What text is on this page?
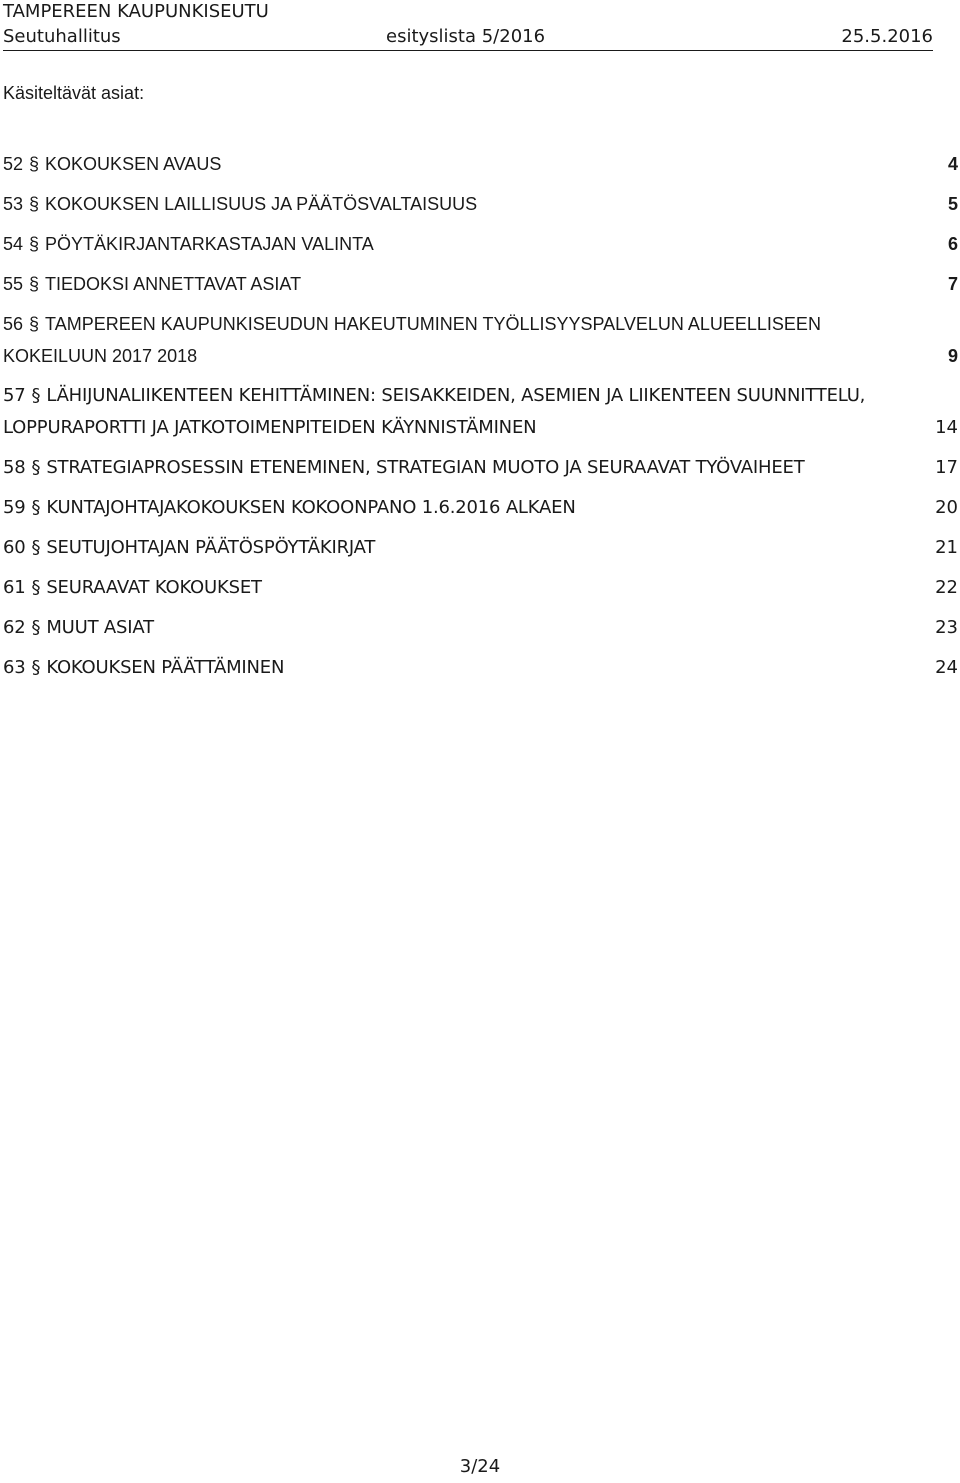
TAMPEREEN KAUPUNKISEUTU
Seutuhallitus	esityslista 5/2016	25.5.2016
Käsiteltävät asiat:
52 § KOKOUKSEN AVAUS	4
53 § KOKOUKSEN LAILLISUUS JA PÄÄTÖSVALTAISUUS	5
54 § PÖYTÄKIRJANTARKASTAJAN VALINTA	6
55 § TIEDOKSI ANNETTAVAT ASIAT	7
56 § TAMPEREEN KAUPUNKISEUDUN HAKEUTUMINEN TYÖLLISYYSPALVELUN ALUEELLISEEN KOKEILUUN 2017 2018	9
57 § LÄHIJUNALIIKENTEEN KEHITTÄMINEN: SEISAKKEIDEN, ASEMIEN JA LIIKENTEEN SUUNNITTELU, LOPPURAPORTTI JA JATKOTOIMENPITEIDEN KÄYNNISTÄMINEN	14
58 § STRATEGIAPROSESSIN ETENEMINEN, STRATEGIAN MUOTO JA SEURAAVAT TYÖVAIHEET	17
59 § KUNTAJOHTAJAKOKOUKSEN KOKOONPANO 1.6.2016 ALKAEN	20
60 § SEUTUJOHTAJAN PÄÄTÖSPÖYTÄKIRJAT	21
61 § SEURAAVAT KOKOUKSET	22
62 § MUUT ASIAT	23
63 § KOKOUKSEN PÄÄTTÄMINEN	24
3/24
